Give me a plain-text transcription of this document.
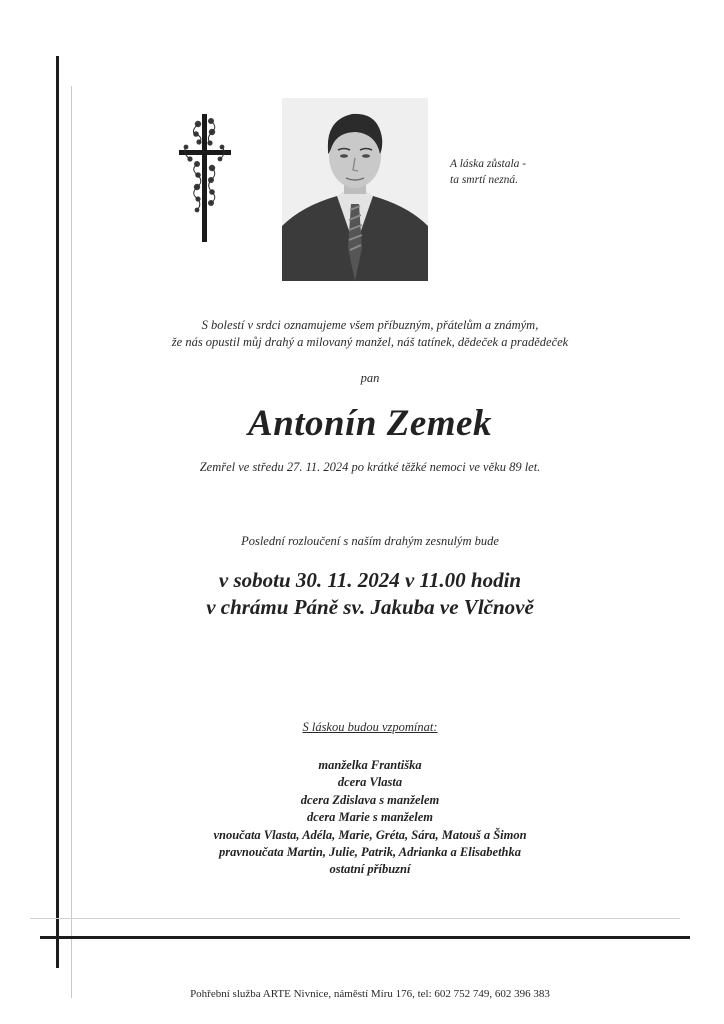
A láska zůstala -
ta smrtí nezná.
S bolestí v srdci oznamujeme všem příbuzným, přátelům a známým,
že nás opustil můj drahý a milovaný manžel, náš tatínek, dědeček a pradědeček
pan
Antonín Zemek
Zemřel ve středu 27. 11. 2024 po krátké těžké nemoci ve věku 89 let.
Poslední rozloučení s naším drahým zesnulým bude
v sobotu 30. 11. 2024 v 11.00 hodin
v chrámu Páně sv. Jakuba ve Vlčnově
S láskou budou vzpomínat:
manželka Františka
dcera Vlasta
dcera Zdislava s manželem
dcera Marie s manželem
vnoučata Vlasta, Adéla, Marie, Gréta, Sára, Matouš a Šimon
pravnoučata Martin, Julie, Patrik, Adrianka a Elisabethka
ostatní příbuzní
Pohřební služba ARTE Nivnice, náměstí Míru 176, tel: 602 752 749, 602 396 383
